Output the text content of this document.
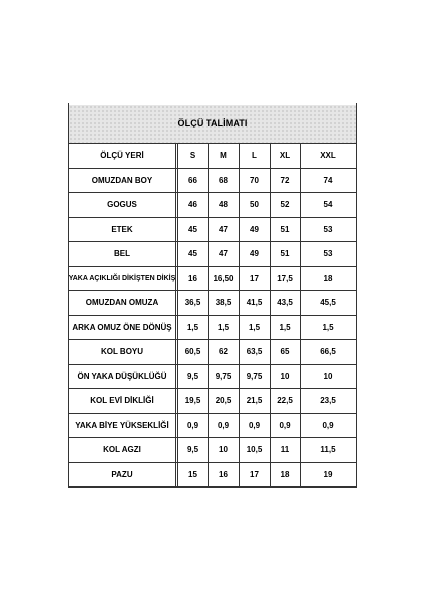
ÖLÇÜ TALİMATI
ÖLÇÜ YERİ	S	M	L	XL	XXL
OMUZDAN BOY	66	68	70	72	74
GOGUS	46	48	50	52	54
ETEK	45	47	49	51	53
BEL	45	47	49	51	53
YAKA AÇIKLIĞI DİKİŞTEN DİKİŞ	16	16,50	17	17,5	18
OMUZDAN OMUZA	36,5	38,5	41,5	43,5	45,5
ARKA OMUZ ÖNE DÖNÜŞ	1,5	1,5	1,5	1,5	1,5
KOL BOYU	60,5	62	63,5	65	66,5
ÖN YAKA DÜŞÜKLÜĞÜ	9,5	9,75	9,75	10	10
KOL EVİ DİKLİĞİ	19,5	20,5	21,5	22,5	23,5
YAKA BİYE YÜKSEKLİĞİ	0,9	0,9	0,9	0,9	0,9
KOL AGZI	9,5	10	10,5	11	11,5
PAZU	15	16	17	18	19
